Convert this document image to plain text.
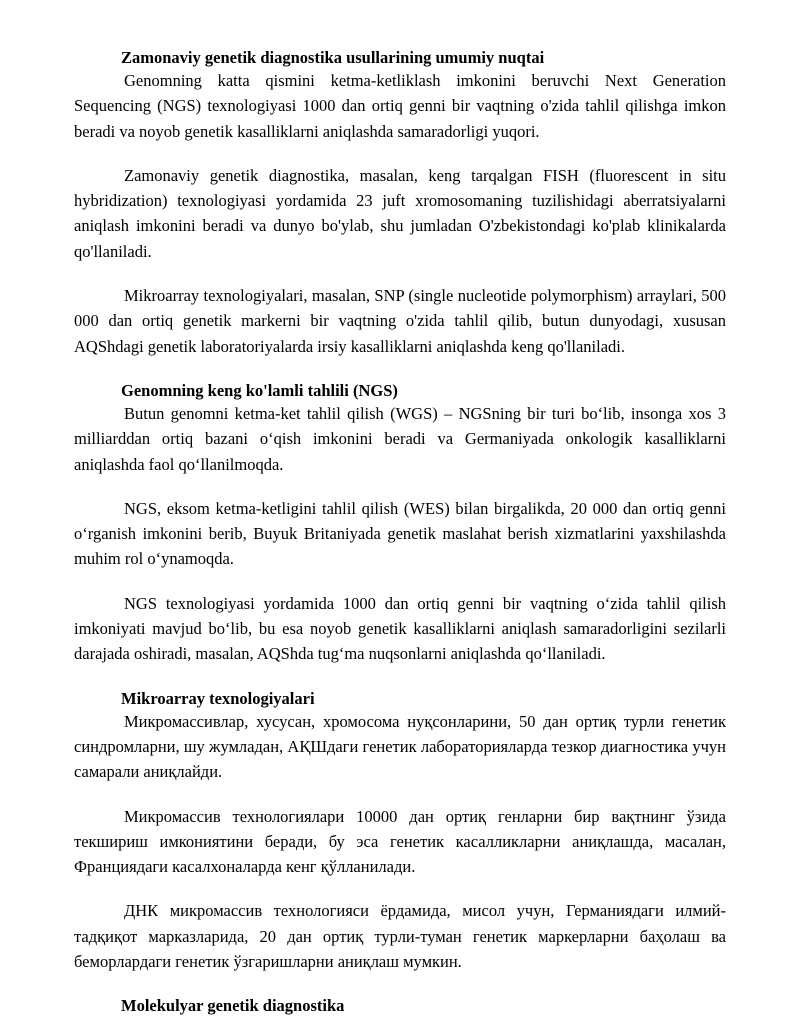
Zamonaviy genetik diagnostika usullarining umumiy nuqtai

Genomning katta qismini ketma-ketliklash imkonini beruvchi Next Generation Sequencing (NGS) texnologiyasi 1000 dan ortiq genni bir vaqtning o'zida tahlil qilishga imkon beradi va noyob genetik kasalliklarni aniqlashda samaradorligi yuqori.

Zamonaviy genetik diagnostika, masalan, keng tarqalgan FISH (fluorescent in situ hybridization) texnologiyasi yordamida 23 juft xromosomaning tuzilishidagi aberratsiyalarni aniqlash imkonini beradi va dunyo bo'ylab, shu jumladan O'zbekistondagi ko'plab klinikalarda qo'llaniladi.

Mikroarray texnologiyalari, masalan, SNP (single nucleotide polymorphism) arraylari, 500 000 dan ortiq genetik markerni bir vaqtning o'zida tahlil qilib, butun dunyodagi, xususan AQShdagi genetik laboratoriyalarda irsiy kasalliklarni aniqlashda keng qo'llaniladi.

Genomning keng ko'lamli tahlili (NGS)

Butun genomni ketma-ket tahlil qilish (WGS) – NGSning bir turi bo‘lib, insonga xos 3 milliarddan ortiq bazani o‘qish imkonini beradi va Germaniyada onkologik kasalliklarni aniqlashda faol qo‘llanilmoqda.

NGS, eksom ketma-ketligini tahlil qilish (WES) bilan birgalikda, 20 000 dan ortiq genni o‘rganish imkonini berib, Buyuk Britaniyada genetik maslahat berish xizmatlarini yaxshilashda muhim rol o‘ynamoqda.

NGS texnologiyasi yordamida 1000 dan ortiq genni bir vaqtning o‘zida tahlil qilish imkoniyati mavjud bo‘lib, bu esa noyob genetik kasalliklarni aniqlash samaradorligini sezilarli darajada oshiradi, masalan, AQShda tug‘ma nuqsonlarni aniqlashda qo‘llaniladi.

Mikroarray texnologiyalari

Микромассивлар, хусусан, хромосома нуқсонларини, 50 дан ортиқ турли генетик синдромларни, шу жумладан, АҚШдаги генетик лабораторияларда тезкор диагностика учун самарали аниқлайди.

Микромассив технологиялари 10000 дан ортиқ генларни бир вақтнинг ўзида текшириш имкониятини беради, бу эса генетик касалликларни аниқлашда, масалан, Франциядаги касалхоналарда кенг қўлланилади.

ДНК микромассив технологияси ёрдамида, мисол учун, Германиядаги илмий-тадқиқот марказларида, 20 дан ортиқ турли-туман генетик маркерларни баҳолаш ва беморлардаги генетик ўзгаришларни аниқлаш мумкин.

Molekulyar genetik diagnostika
